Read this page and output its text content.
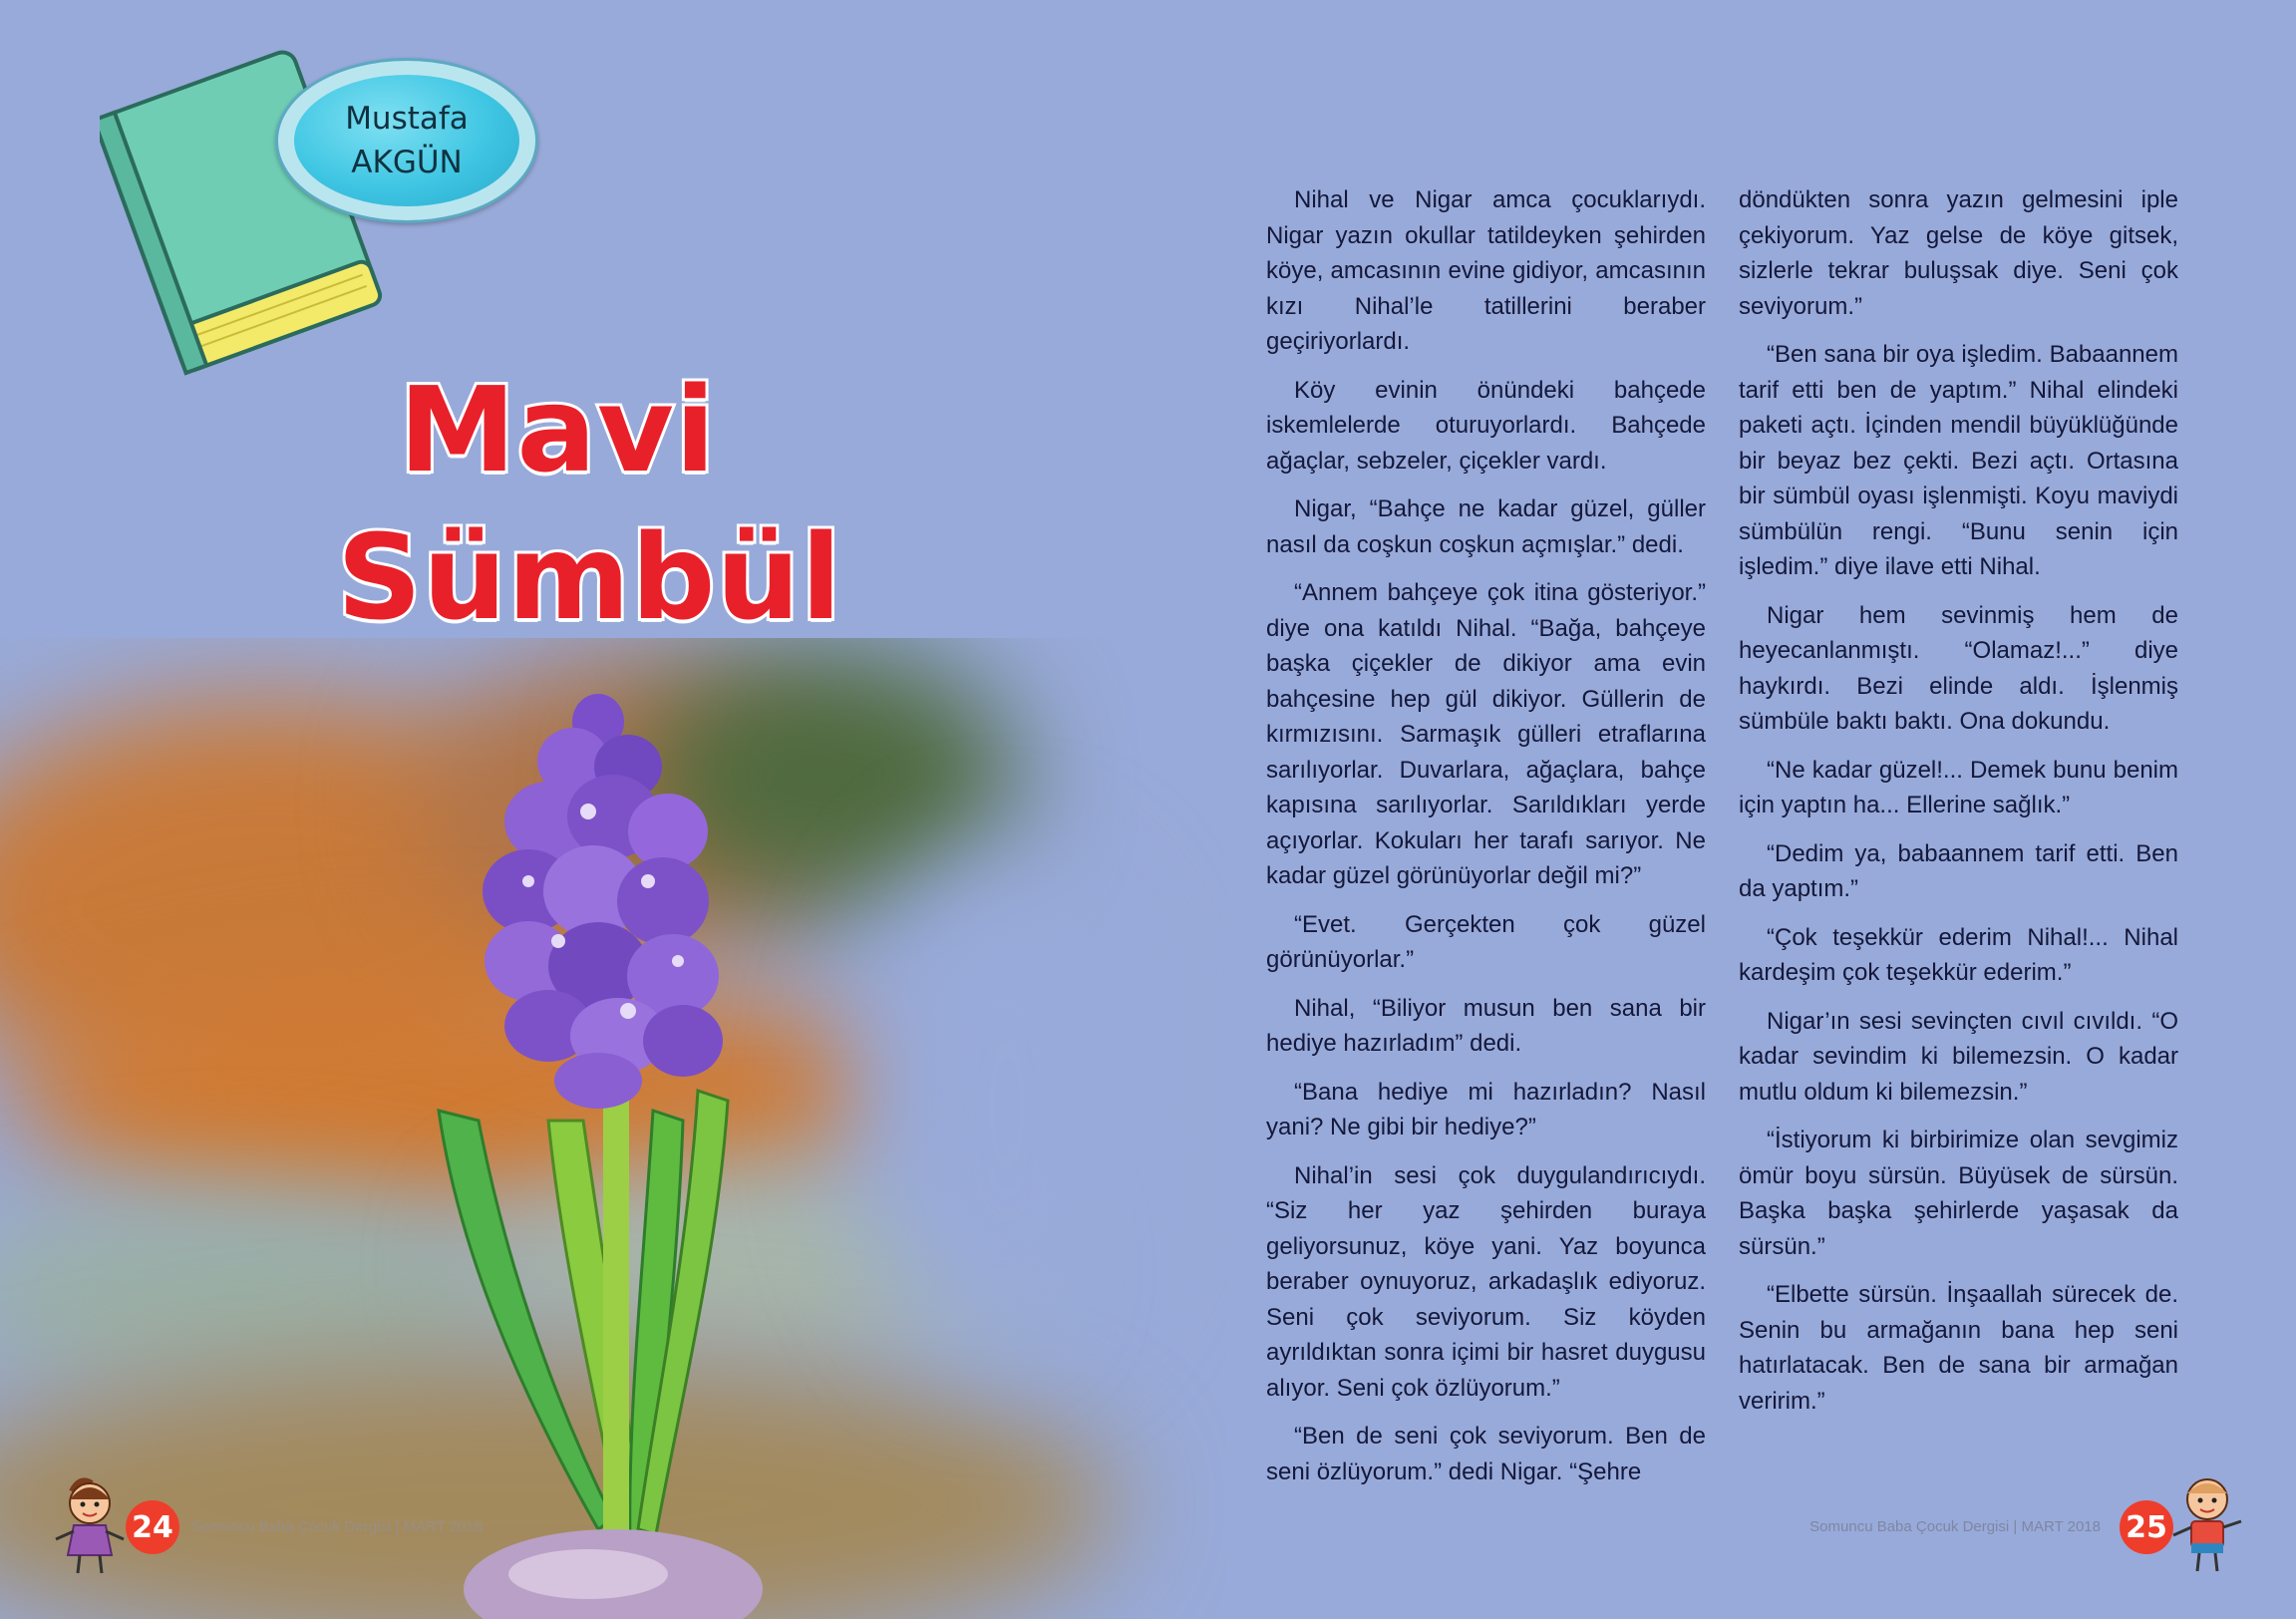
Mustafa
AKGÜN
Mavi
Sümbül

Nihal ve Nigar amca çocuklarıydı. Nigar yazın okullar tatildeyken şehirden köye, amcasının evine gidiyor, amcasının kızı Nihal’le tatillerini beraber geçiriyorlardı.

Köy evinin önündeki bahçede iskemlelerde oturuyorlardı. Bahçede ağaçlar, sebzeler, çiçekler vardı.

Nigar, “Bahçe ne kadar güzel, güller nasıl da coşkun coşkun açmışlar.” dedi.

“Annem bahçeye çok itina gösteriyor.” diye ona katıldı Nihal. “Bağa, bahçeye başka çiçekler de dikiyor ama evin bahçesine hep gül dikiyor. Güllerin de kırmızısını. Sarmaşık gülleri etraflarına sarılıyorlar. Duvarlara, ağaçlara, bahçe kapısına sarılıyorlar. Sarıldıkları yerde açıyorlar. Kokuları her tarafı sarıyor. Ne kadar güzel görünüyorlar değil mi?”

“Evet. Gerçekten çok güzel görünüyorlar.”

Nihal, “Biliyor musun ben sana bir hediye hazırladım” dedi.

“Bana hediye mi hazırladın? Nasıl yani? Ne gibi bir hediye?”

Nihal’in sesi çok duygulandırıcıydı. “Siz her yaz şehirden buraya geliyorsunuz, köye yani. Yaz boyunca beraber oynuyoruz, arkadaşlık ediyoruz. Seni çok seviyorum. Siz köyden ayrıldıktan sonra içimi bir hasret duygusu alıyor. Seni çok özlüyorum.”

“Ben de seni çok seviyorum. Ben de seni özlüyorum.” dedi Nigar. “Şehre

döndükten sonra yazın gelmesini iple çekiyorum. Yaz gelse de köye gitsek, sizlerle tekrar buluşsak diye. Seni çok seviyorum.”

“Ben sana bir oya işledim. Babaannem tarif etti ben de yaptım.” Nihal elindeki paketi açtı. İçinden mendil büyüklüğünde bir beyaz bez çekti. Bezi açtı. Ortasına bir sümbül oyası işlenmişti. Koyu maviydi sümbülün rengi. “Bunu senin için işledim.” diye ilave etti Nihal.

Nigar hem sevinmiş hem de heyecanlanmıştı. “Olamaz!...” diye haykırdı. Bezi elinde aldı. İşlenmiş sümbüle baktı baktı. Ona dokundu.

“Ne kadar güzel!... Demek bunu benim için yaptın ha... Ellerine sağlık.”

“Dedim ya, babaannem tarif etti. Ben da yaptım.”

“Çok teşekkür ederim Nihal!... Nihal kardeşim çok teşekkür ederim.”

Nigar’ın sesi sevinçten cıvıl cıvıldı. “O kadar sevindim ki bilemezsin. O kadar mutlu oldum ki bilemezsin.”

“İstiyorum ki birbirimize olan sevgimiz ömür boyu sürsün. Büyüsek de sürsün. Başka başka şehirlerde yaşasak da sürsün.”

“Elbette sürsün. İnşaallah sürecek de. Senin bu armağanın bana hep seni hatırlatacak. Ben de sana bir armağan veririm.”

24	Somuncu Baba Çocuk Dergisi | MART 2018	Somuncu Baba Çocuk Dergisi | MART 2018 25
